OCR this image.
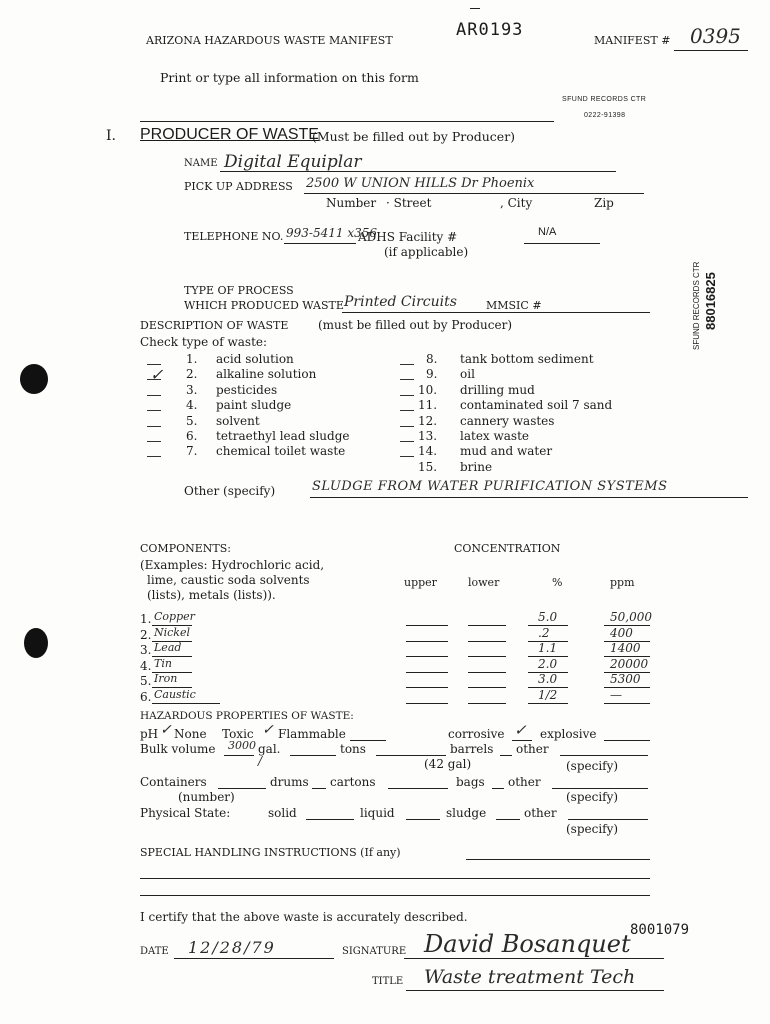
ARIZONA HAZARDOUS WASTE MANIFEST
AR0193
MANIFEST # 0395
Print or type all information on this form
SFUND RECORDS CTR
0222-91398
I. PRODUCER OF WASTE
(Must be filled out by Producer)
NAME Digital Equiplar
PICK UP ADDRESS 2500 W UNION HILLS Dr Phoenix
Number · Street	, City	Zip
TELEPHONE NO. 993-5411 x356
ADHS Facility #	N/A
(if applicable)
SFUND RECORDS CTR 88016825
TYPE OF PROCESS
WHICH PRODUCED WASTE Printed Circuits	MMSIC #
DESCRIPTION OF WASTE (must be filled out by Producer)
Check type of waste:
1. acid solution
✓ 2. alkaline solution
3. pesticides
4. paint sludge
5. solvent
6. tetraethyl lead sludge
7. chemical toilet waste
8. tank bottom sediment
9. oil
10. drilling mud
11. contaminated soil 7 sand
12. cannery wastes
13. latex waste
14. mud and water
15. brine
Other (specify)	SLUDGE FROM WATER PURIFICATION SYSTEMS
COMPONENTS:	CONCENTRATION
(Examples: Hydrochloric acid,
lime, caustic soda solvents
(lists), metals (lists)).
upper	lower	%	ppm
1. Copper	5.0	50,000
2. Nickel	.2	400
3. Lead	1.1	1400
4. Tin	2.0	20000
5. Iron	3.0	5300
6. Caustic	1/2	—
HAZARDOUS PROPERTIES OF WASTE:
pH ✓ None Toxic ✓ Flammable	corrosive ✓ explosive
Bulk volume 3000 gal.	tons	barrels other
(42 gal)
/	(specify)
Containers	drums cartons	bags other
(number)	(specify)
Physical State:	solid	liquid	sludge	other
(specify)
SPECIAL HANDLING INSTRUCTIONS (If any)
I certify that the above waste is accurately described.
8001079
DATE 12/28/79	SIGNATURE David Bosanquet
TITLE Waste treatment Tech
